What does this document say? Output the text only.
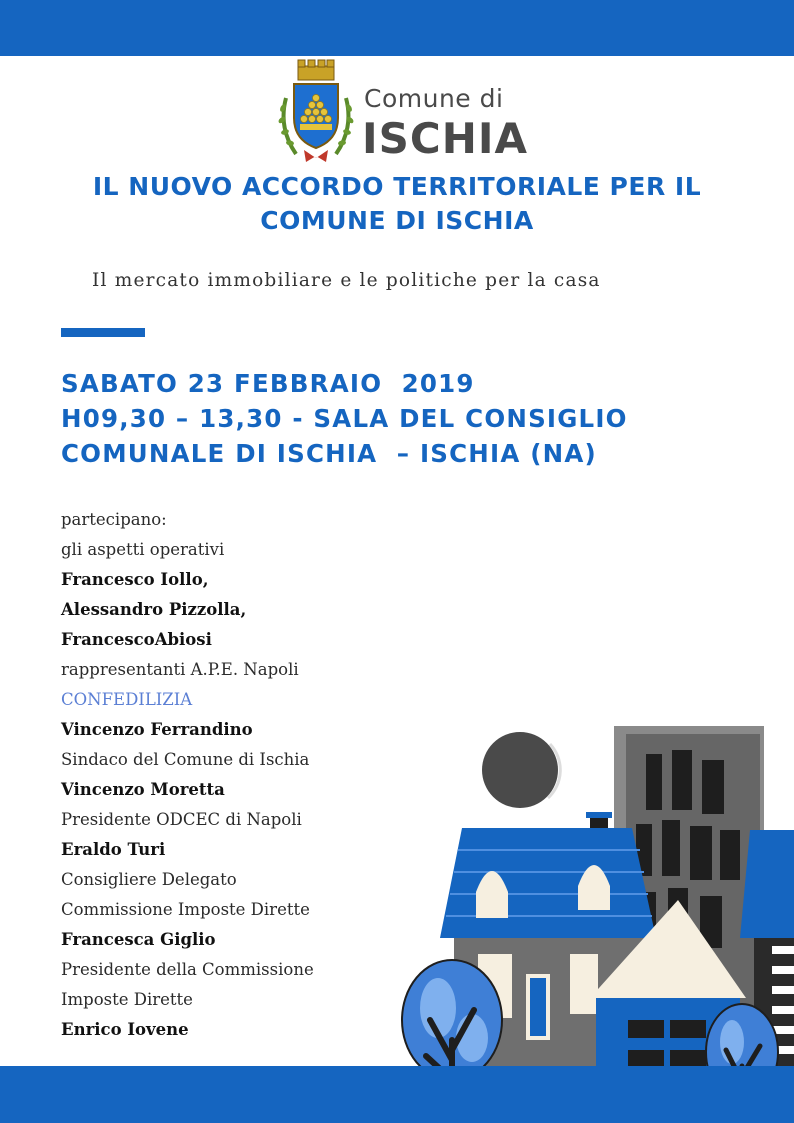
Comune di
ISCHIA
IL NUOVO ACCORDO TERRITORIALE PER IL
COMUNE DI ISCHIA
Il mercato immobiliare e le politiche per la casa
SABATO 23 FEBBRAIO  2019
H09,30 – 13,30 - SALA DEL CONSIGLIO
COMUNALE DI ISCHIA  – ISCHIA (NA)
partecipano:
gli aspetti operativi
Francesco Iollo,
Alessandro Pizzolla,
FrancescoAbiosi
rappresentanti A.P.E. Napoli
CONFEDILIZIA
Vincenzo Ferrandino
Sindaco del Comune di Ischia
Vincenzo Moretta
Presidente ODCEC di Napoli
Eraldo Turi
Consigliere Delegato
Commissione Imposte Dirette
Francesca Giglio
Presidente della Commissione
Imposte Dirette
Enrico Iovene
